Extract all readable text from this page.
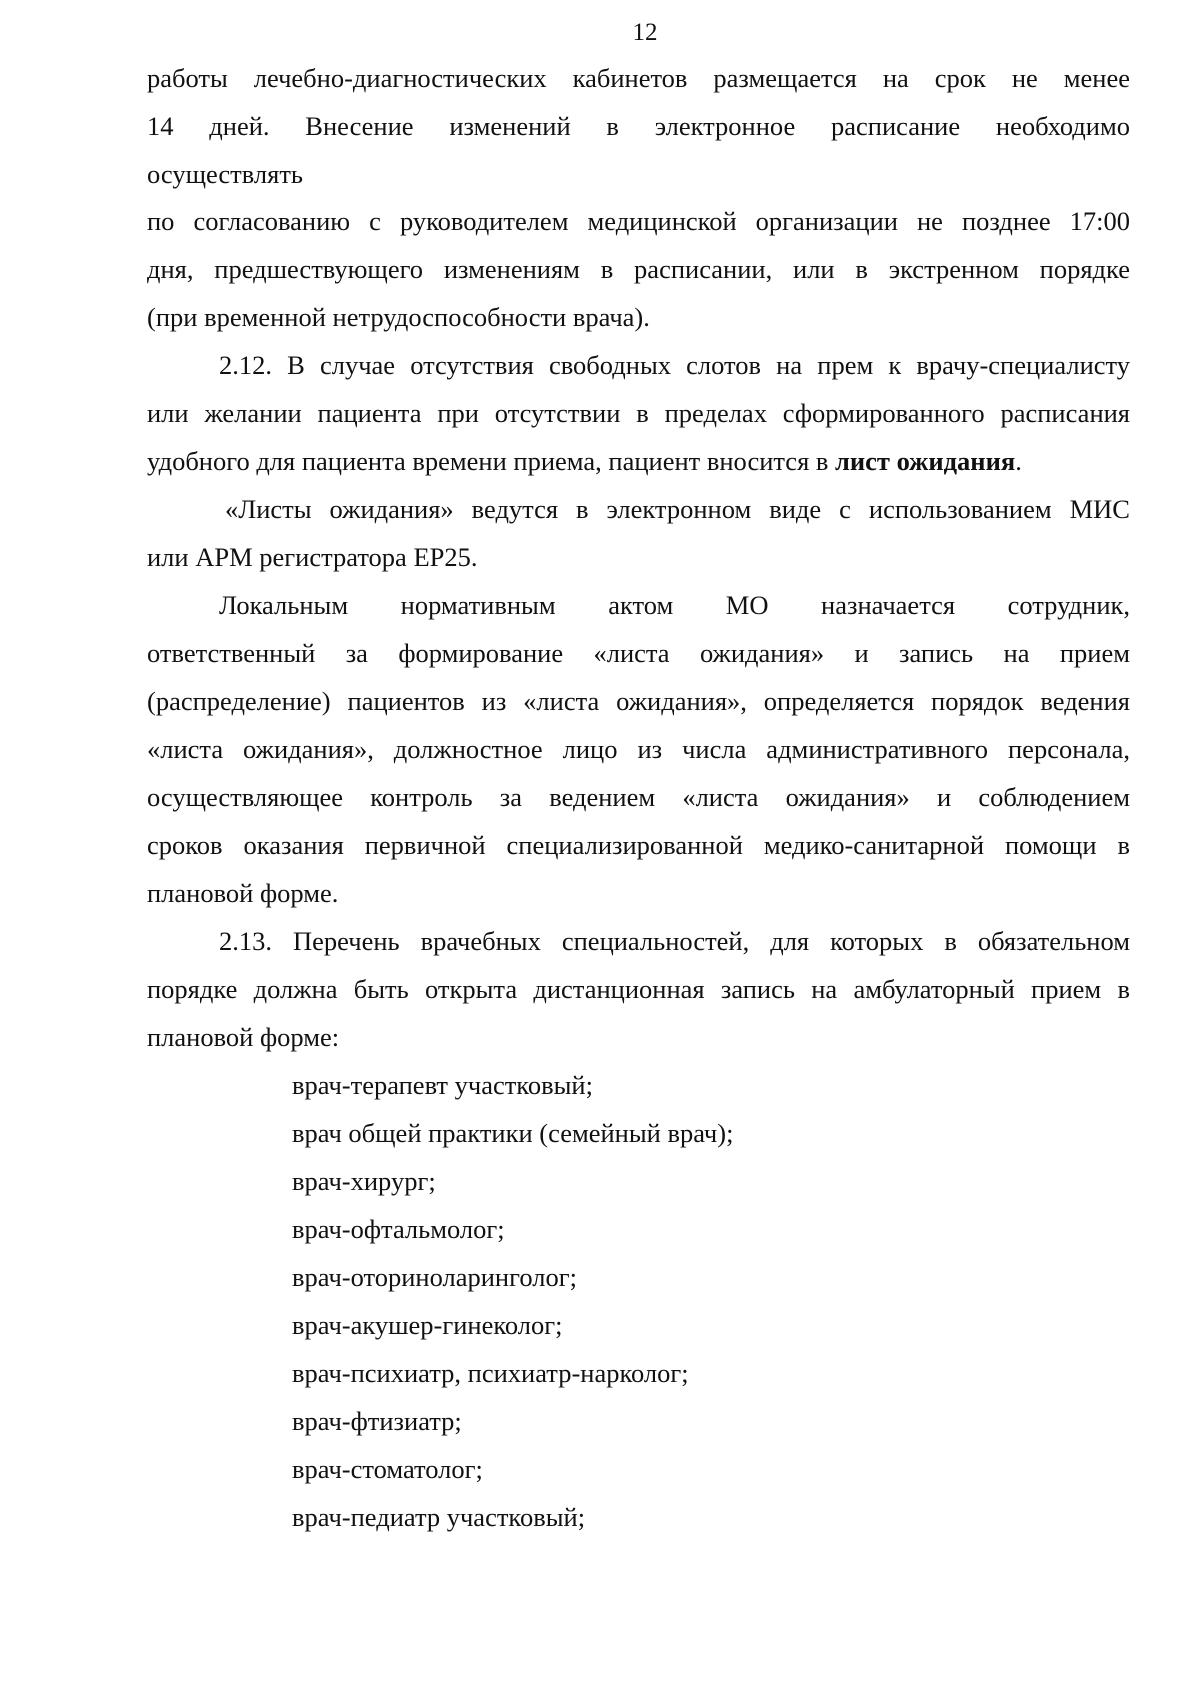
12
работы лечебно-диагностических кабинетов размещается на срок не менее
14 дней. Внесение изменений в электронное расписание необходимо
осуществлять
по согласованию с руководителем медицинской организации не позднее 17:00
дня, предшествующего изменениям в расписании, или в экстренном порядке
(при временной нетрудоспособности врача).
2.12. В случае отсутствия свободных слотов на прем к врачу-специалисту
или желании пациента при отсутствии в пределах сформированного расписания
удобного для пациента времени приема, пациент вносится в лист ожидания.
«Листы ожидания» ведутся в электронном виде с использованием МИС
или АРМ регистратора ЕР25.
Локальным нормативным актом МО назначается сотрудник,
ответственный за формирование «листа ожидания» и запись на прием
(распределение) пациентов из «листа ожидания», определяется порядок ведения
«листа ожидания», должностное лицо из числа административного персонала,
осуществляющее контроль за ведением «листа ожидания» и соблюдением
сроков оказания первичной специализированной медико-санитарной помощи в
плановой форме.
2.13. Перечень врачебных специальностей, для которых в обязательном
порядке должна быть открыта дистанционная запись на амбулаторный прием в
плановой форме:
врач-терапевт участковый;
врач общей практики (семейный врач);
врач-хирург;
врач-офтальмолог;
врач-оториноларинголог;
врач-акушер-гинеколог;
врач-психиатр, психиатр-нарколог;
врач-фтизиатр;
врач-стоматолог;
врач-педиатр участковый;
